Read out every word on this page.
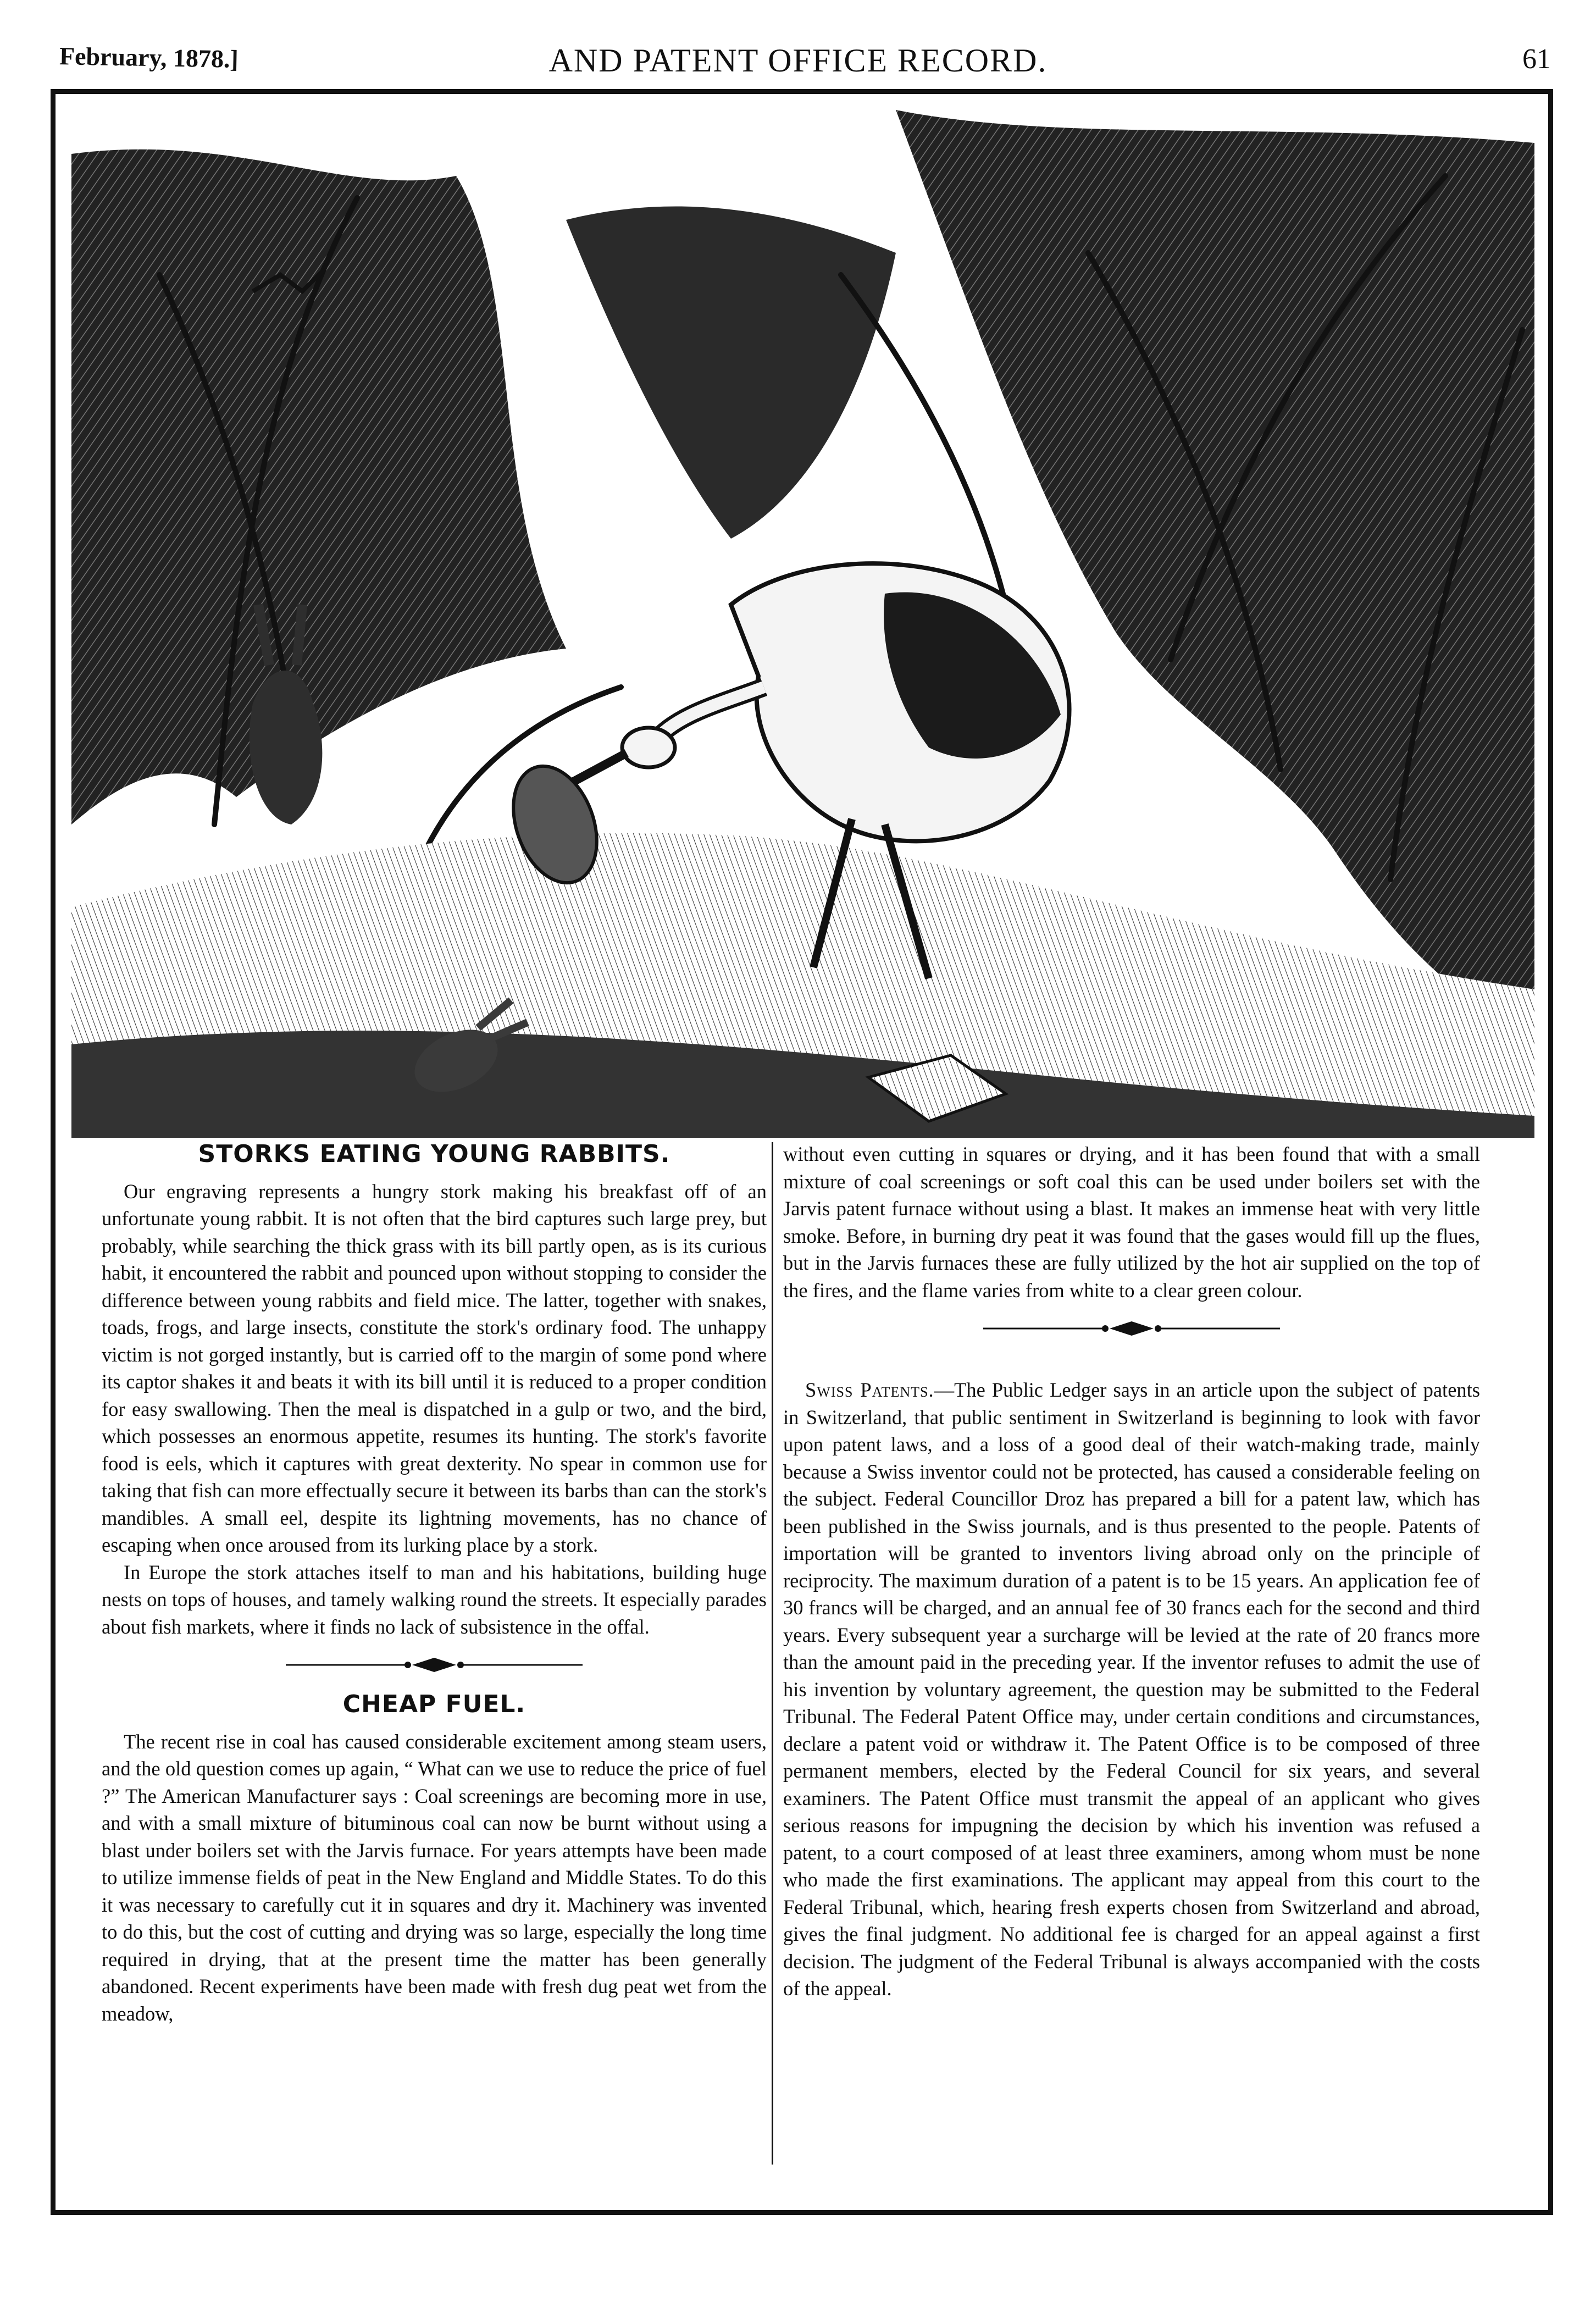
February, 1878.]	AND PATENT OFFICE RECORD.	61
STORKS EATING YOUNG RABBITS.

Our engraving represents a hungry stork making his breakfast off of an unfortunate young rabbit. It is not often that the bird captures such large prey, but probably, while searching the thick grass with its bill partly open, as is its curious habit, it encountered the rabbit and pounced upon without stopping to consider the difference between young rabbits and field mice. The latter, together with snakes, toads, frogs, and large insects, constitute the stork's ordinary food. The unhappy victim is not gorged instantly, but is carried off to the margin of some pond where its captor shakes it and beats it with its bill until it is reduced to a proper condition for easy swallowing. Then the meal is dispatched in a gulp or two, and the bird, which possesses an enormous appetite, resumes its hunting. The stork's favorite food is eels, which it captures with great dexterity. No spear in common use for taking that fish can more effectually secure it between its barbs than can the stork's mandibles. A small eel, despite its lightning movements, has no chance of escaping when once aroused from its lurking place by a stork.

In Europe the stork attaches itself to man and his habitations, building huge nests on tops of houses, and tamely walking round the streets. It especially parades about fish markets, where it finds no lack of subsistence in the offal.

CHEAP FUEL.

The recent rise in coal has caused considerable excitement among steam users, and the old question comes up again, “ What can we use to reduce the price of fuel ?” The American Manufacturer says : Coal screenings are becoming more in use, and with a small mixture of bituminous coal can now be burnt without using a blast under boilers set with the Jarvis furnace. For years attempts have been made to utilize immense fields of peat in the New England and Middle States. To do this it was necessary to carefully cut it in squares and dry it. Machinery was invented to do this, but the cost of cutting and drying was so large, especially the long time required in drying, that at the present time the matter has been generally abandoned. Recent experiments have been made with fresh dug peat wet from the meadow,

without even cutting in squares or drying, and it has been found that with a small mixture of coal screenings or soft coal this can be used under boilers set with the Jarvis patent furnace without using a blast. It makes an immense heat with very little smoke. Before, in burning dry peat it was found that the gases would fill up the flues, but in the Jarvis furnaces these are fully utilized by the hot air supplied on the top of the fires, and the flame varies from white to a clear green colour.

Swiss Patents.—The Public Ledger says in an article upon the subject of patents in Switzerland, that public sentiment in Switzerland is beginning to look with favor upon patent laws, and a loss of a good deal of their watch-making trade, mainly because a Swiss inventor could not be protected, has caused a considerable feeling on the subject. Federal Councillor Droz has prepared a bill for a patent law, which has been published in the Swiss journals, and is thus presented to the people. Patents of importation will be granted to inventors living abroad only on the principle of reciprocity. The maximum duration of a patent is to be 15 years. An application fee of 30 francs will be charged, and an annual fee of 30 francs each for the second and third years. Every subsequent year a surcharge will be levied at the rate of 20 francs more than the amount paid in the preceding year. If the inventor refuses to admit the use of his invention by voluntary agreement, the question may be submitted to the Federal Tribunal. The Federal Patent Office may, under certain conditions and circumstances, declare a patent void or withdraw it. The Patent Office is to be composed of three permanent members, elected by the Federal Council for six years, and several examiners. The Patent Office must transmit the appeal of an applicant who gives serious reasons for impugning the decision by which his invention was refused a patent, to a court composed of at least three examiners, among whom must be none who made the first examinations. The applicant may appeal from this court to the Federal Tribunal, which, hearing fresh experts chosen from Switzerland and abroad, gives the final judgment. No additional fee is charged for an appeal against a first decision. The judgment of the Federal Tribunal is always accompanied with the costs of the appeal.
